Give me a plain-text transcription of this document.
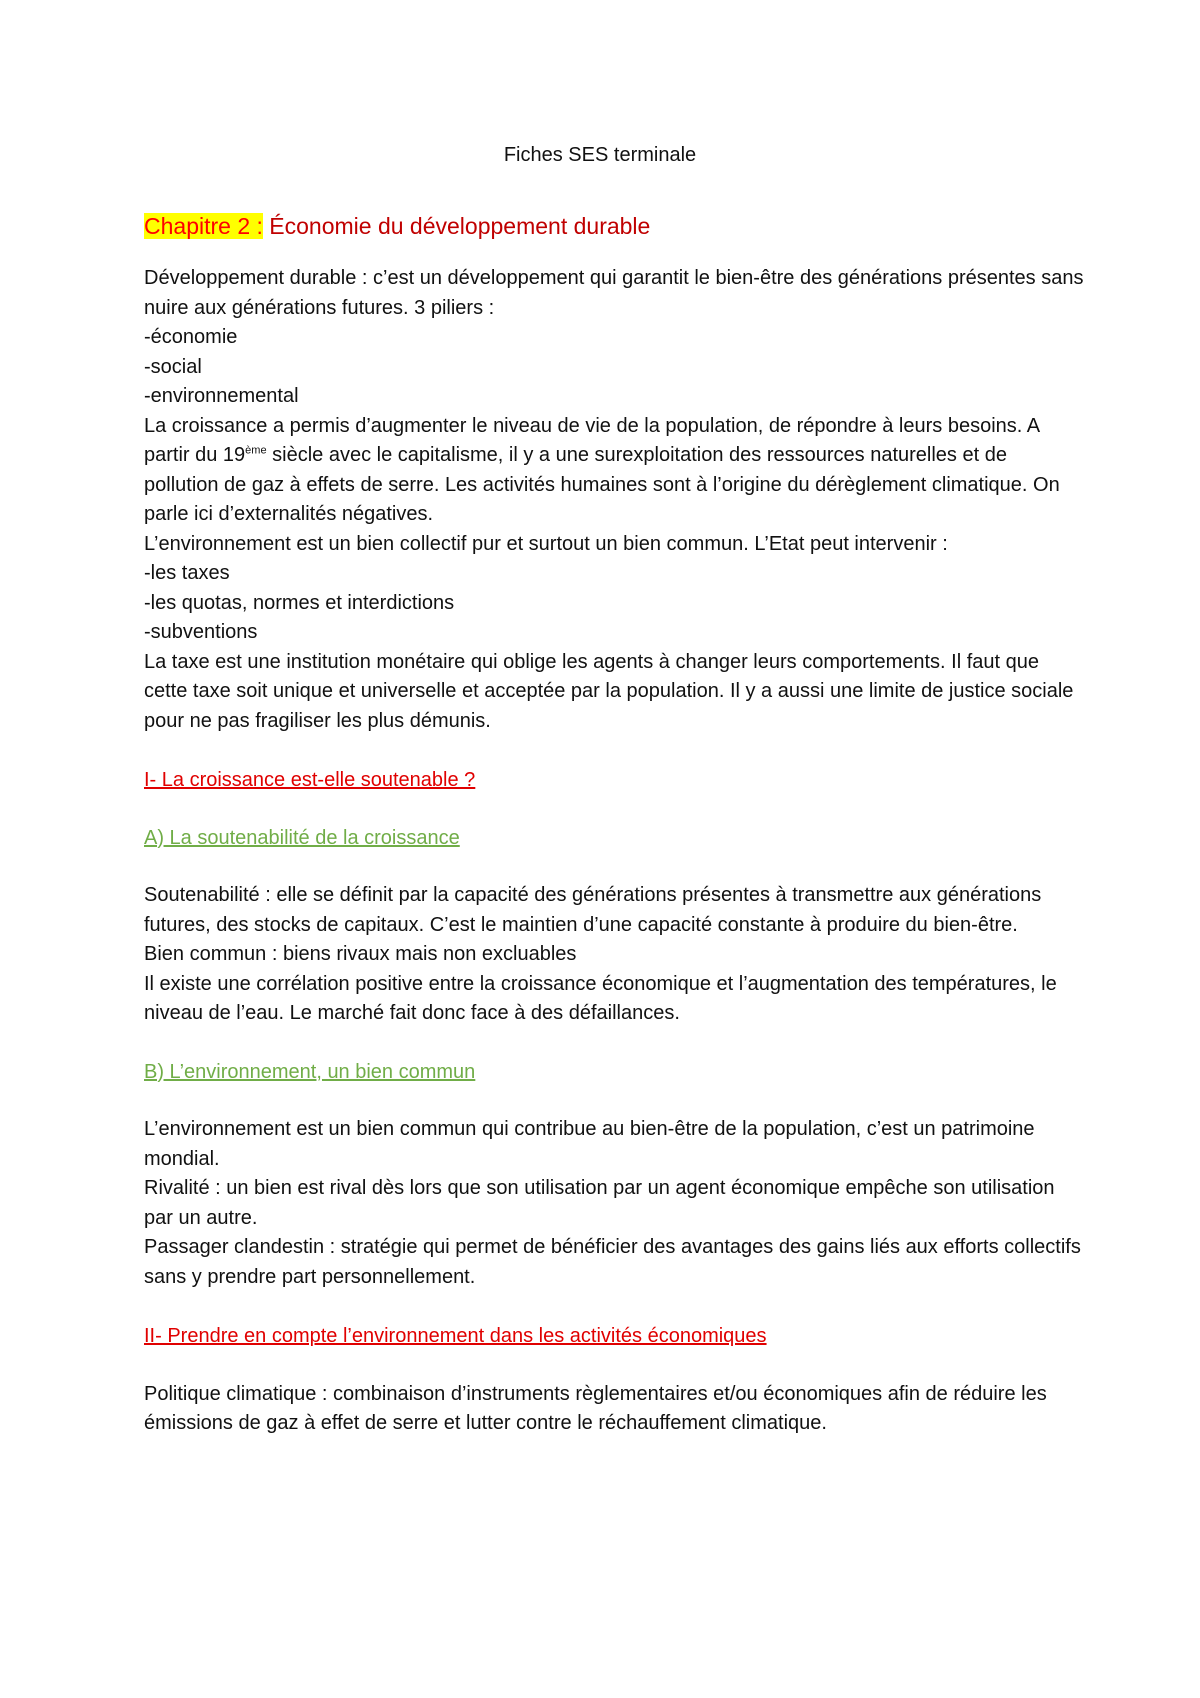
Fiches SES terminale
Chapitre 2 : Économie du développement durable

Développement durable : c’est un développement qui garantit le bien-être des générations présentes sans nuire aux générations futures. 3 piliers :

-économie

-social

-environnemental

La croissance a permis d’augmenter le niveau de vie de la population, de répondre à leurs besoins. A partir du 19ème siècle avec le capitalisme, il y a une surexploitation des ressources naturelles et de pollution de gaz à effets de serre. Les activités humaines sont à l’origine du dérèglement climatique. On parle ici d’externalités négatives.

L’environnement est un bien collectif pur et surtout un bien commun. L’Etat peut intervenir :

-les taxes

-les quotas, normes et interdictions

-subventions

La taxe est une institution monétaire qui oblige les agents à changer leurs comportements. Il faut que cette taxe soit unique et universelle et acceptée par la population. Il y a aussi une limite de justice sociale pour ne pas fragiliser les plus démunis.

I- La croissance est-elle soutenable ?
A) La soutenabilité de la croissance

Soutenabilité : elle se définit par la capacité des générations présentes à transmettre aux générations futures, des stocks de capitaux. C’est le maintien d’une capacité constante à produire du bien-être.

Bien commun : biens rivaux mais non excluables

Il existe une corrélation positive entre la croissance économique et l’augmentation des températures, le niveau de l’eau. Le marché fait donc face à des défaillances.

B) L’environnement, un bien commun

L’environnement est un bien commun qui contribue au bien-être de la population, c’est un patrimoine mondial.

Rivalité : un bien est rival dès lors que son utilisation par un agent économique empêche son utilisation par un autre.

Passager clandestin : stratégie qui permet de bénéficier des avantages des gains liés aux efforts collectifs sans y prendre part personnellement.

II- Prendre en compte l’environnement dans les activités économiques

Politique climatique : combinaison d’instruments règlementaires et/ou économiques afin de réduire les émissions de gaz à effet de serre et lutter contre le réchauffement climatique.
